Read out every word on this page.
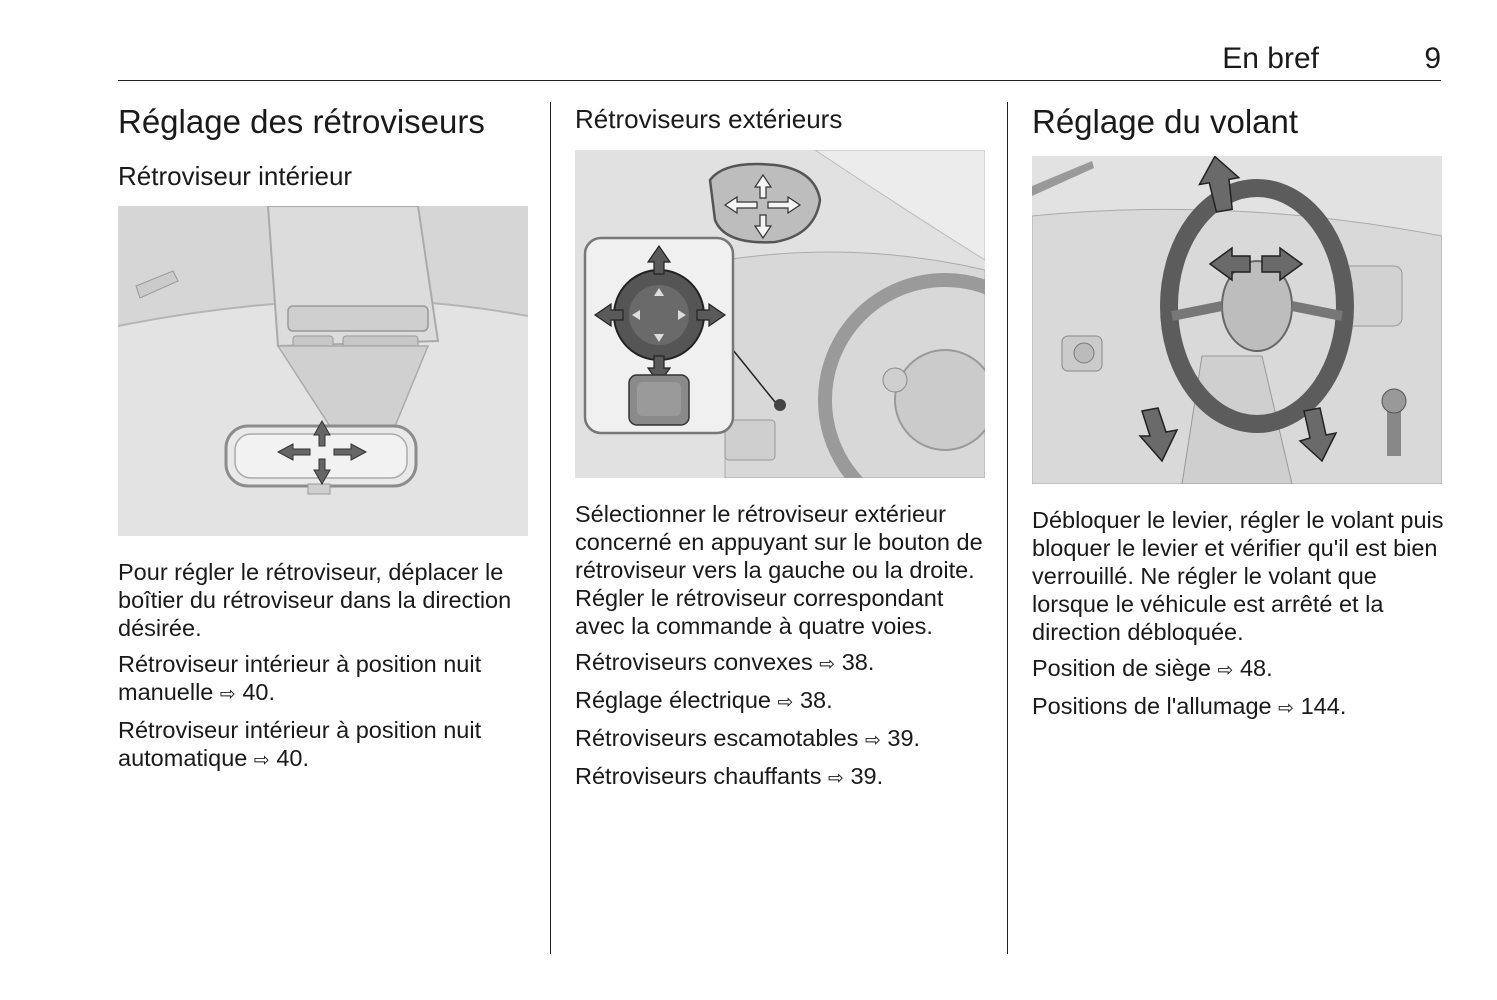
En bref	9
Réglage des rétroviseurs
Rétroviseur intérieur

Pour régler le rétroviseur, déplacer le boîtier du rétroviseur dans la direction désirée.

Rétroviseur intérieur à position nuit manuelle ⇨ 40.

Rétroviseur intérieur à position nuit automatique ⇨ 40.

Rétroviseurs extérieurs

Sélectionner le rétroviseur extérieur concerné en appuyant sur le bouton de rétroviseur vers la gauche ou la droite. Régler le rétroviseur correspondant avec la commande à quatre voies.

Rétroviseurs convexes ⇨ 38.

Réglage électrique ⇨ 38.

Rétroviseurs escamotables ⇨ 39.

Rétroviseurs chauffants ⇨ 39.

Réglage du volant

Débloquer le levier, régler le volant puis bloquer le levier et vérifier qu'il est bien verrouillé. Ne régler le volant que lorsque le véhicule est arrêté et la direction débloquée.

Position de siège ⇨ 48.

Positions de l'allumage ⇨ 144.
